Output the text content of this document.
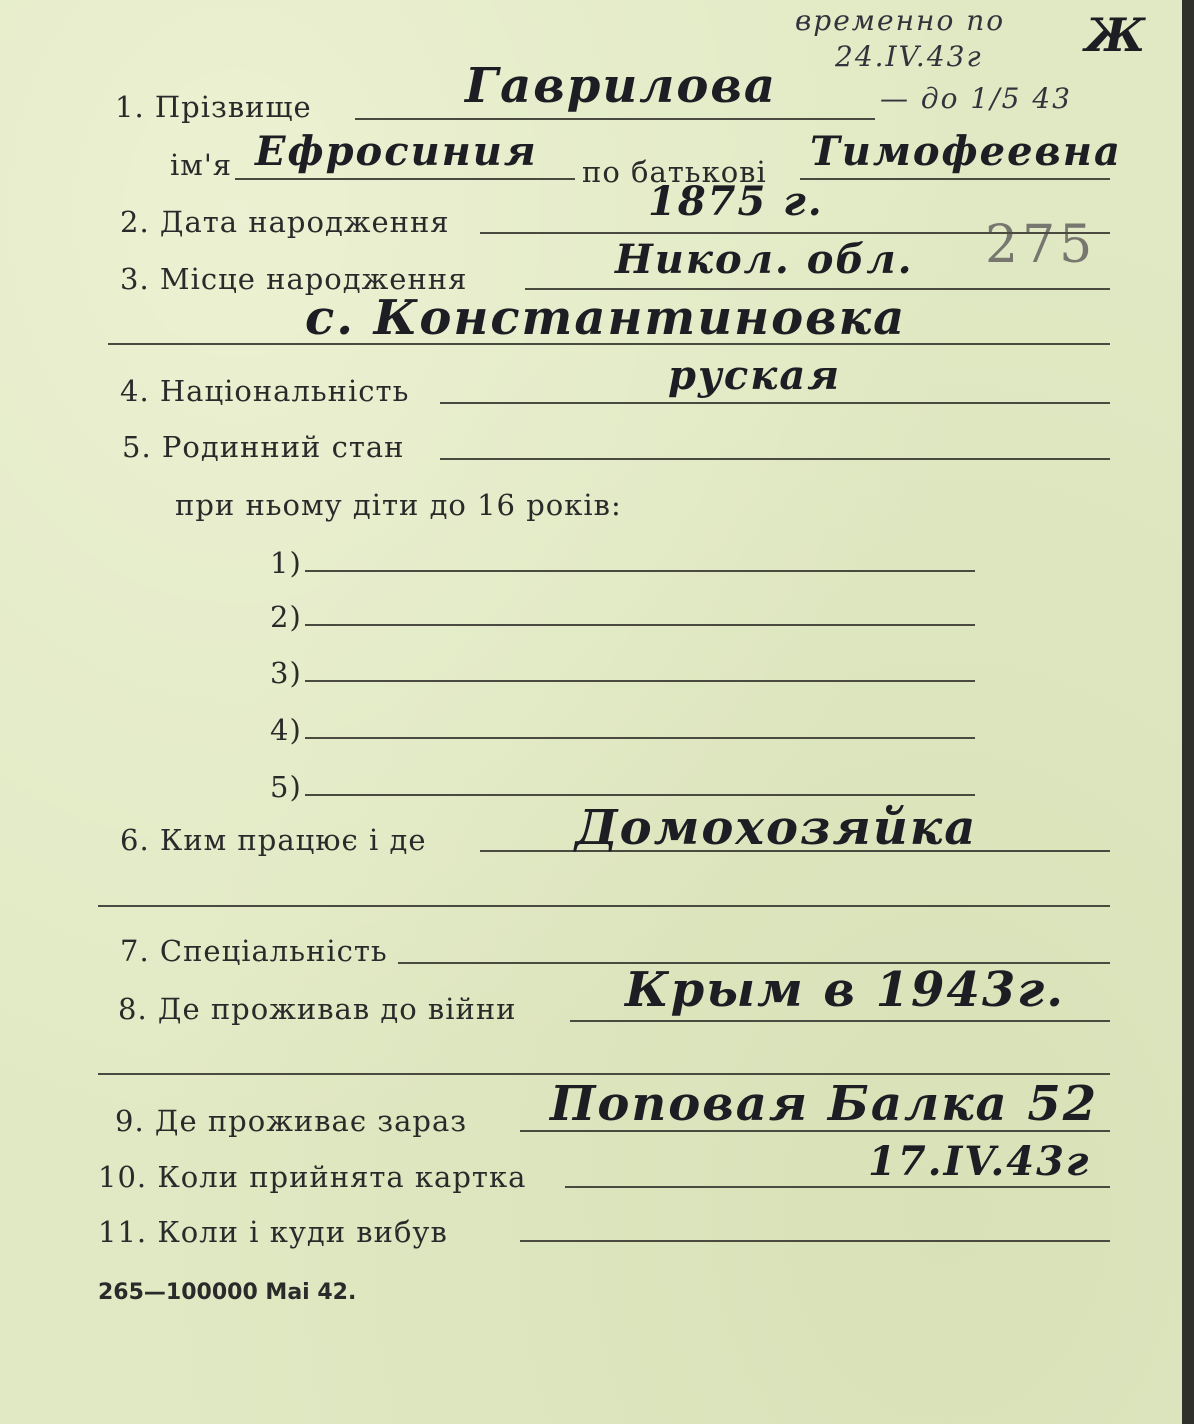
временно по
24.IV.43г
— до 1/5 43
Ж
275
1. Прізвище	Гаврилова
ім'я Ефросиния по батькові Тимофеевна
2. Дата народження	1875 г.
3. Місце народження	Никол. обл.
с. Константиновка
4. Національність	руская
5. Родинний стан
при ньому діти до 16 років:
1)
2)
3)
4)
5)
6. Ким працює і де	Домохозяйка
7. Спеціальність
8. Де проживав до війни Крым в 1943г.
9. Де проживає зараз Поповая Балка 52
10. Коли прийнята картка	17.IV.43г
11. Коли і куди вибув
265—100000 Mai 42.
